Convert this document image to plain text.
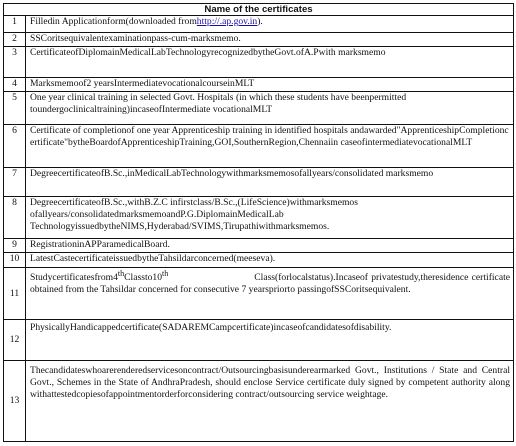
Name of the certificates	
1	Filledin Applicationform(downloaded fromhttp://.ap.gov.in).
2	SSCoritsequivalentexaminationpass-cum-marksmemo.
3	CertificateofDiplomainMedicalLabTechnologyrecognizedbytheGovt.ofA.Pwith marksmemo
4	Marksmemoof2 yearsIntermediatevocationalcourseinMLT
5	One year clinical training in selected Govt. Hospitals (in which these students have beenpermitted toundergoclinicaltraining)incaseofIntermediate vocationalMLT
6	Certificate of completionof one year Apprenticeship training in identified hospitals andawarded"ApprenticeshipCompletioncertificate"bytheBoardofApprenticeshipTraining,GOI,SouthernRegion,Chennaiin caseofintermediatevocationalMLT
7	DegreecertificateofB.Sc.,inMedicalLabTechnologywithmarksmemosofallyears/consolidated marksmemo
8	DegreecertificateofB.Sc.,withB.Z.C infirstclass/B.Sc.,(LifeScience)withmarksmemos ofallyears/consolidatedmarksmemoandP.G.DiplomainMedicalLab TechnologyissuedbytheNIMS,Hyderabad/SVIMS,Tirupathiwithmarksmemos.
9	RegistrationinAPParamedicalBoard.
10	LatestCastecertificateissuedbytheTahsildarconcerned(meeseva).
11	Studycertificatesfrom4thClassto10th Class(forlocalstatus).Incaseof privatestudy,theresidence certificate obtained from the Tahsildar concerned for consecutive 7 yearspriorto passingofSSCoritsequivalent.
12	PhysicallyHandicappedcertificate(SADAREMCampcertificate)incaseofcandidatesofdisability.
13	Thecandidateswhoarerenderedservicesoncontract/Outsourcingbasisunderearmarked Govt., Institutions / State and Central Govt., Schemes in the State of AndhraPradesh, should enclose Service certificate duly signed by competent authority along withattestedcopiesofappointmentorderforconsidering contract/outsourcing service weightage.
